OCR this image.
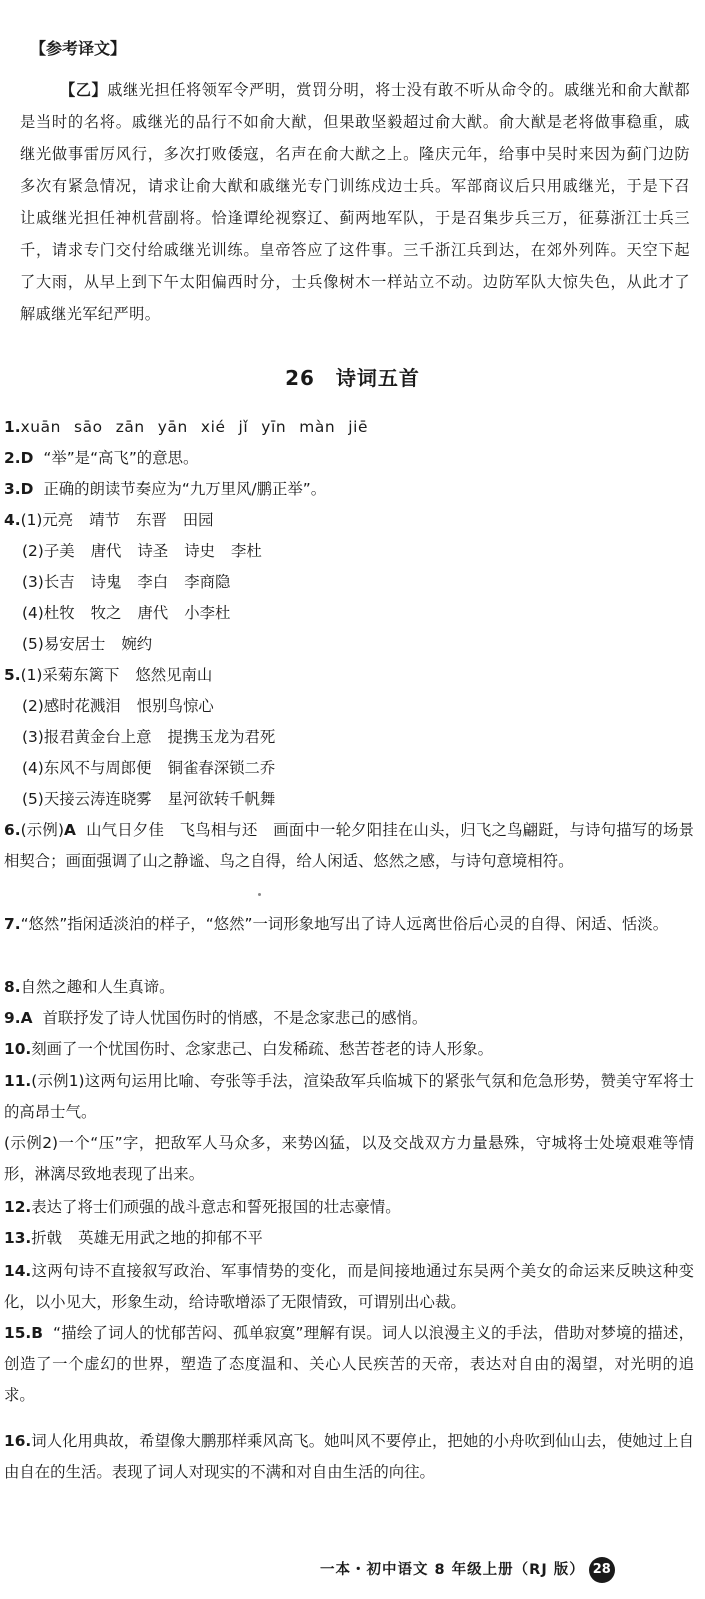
【参考译文】
【乙】戚继光担任将领军令严明，赏罚分明，将士没有敢不听从命令的。戚继光和俞大猷都是当时的名将。戚继光的品行不如俞大猷，但果敢坚毅超过俞大猷。俞大猷是老将做事稳重，戚继光做事雷厉风行，多次打败倭寇，名声在俞大猷之上。隆庆元年，给事中吴时来因为蓟门边防多次有紧急情况，请求让俞大猷和戚继光专门训练戍边士兵。军部商议后只用戚继光，于是下召让戚继光担任神机营副将。恰逢谭纶视察辽、蓟两地军队，于是召集步兵三万，征募浙江士兵三千，请求专门交付给戚继光训练。皇帝答应了这件事。三千浙江兵到达，在郊外列阵。天空下起了大雨，从早上到下午太阳偏西时分，士兵像树木一样站立不动。边防军队大惊失色，从此才了解戚继光军纪严明。
26　诗词五首
1.xuān sāo zān yān xié jǐ yīn màn jiē
2.D “举”是“高飞”的意思。
3.D 正确的朗读节奏应为“九万里风/鹏正举”。
4.(1)元亮 靖节 东晋 田园
(2)子美 唐代 诗圣 诗史 李杜
(3)长吉 诗鬼 李白 李商隐
(4)杜牧 牧之 唐代 小李杜
(5)易安居士 婉约
5.(1)采菊东篱下 悠然见南山
(2)感时花溅泪 恨别鸟惊心
(3)报君黄金台上意 提携玉龙为君死
(4)东风不与周郎便 铜雀春深锁二乔
(5)天接云涛连晓雾 星河欲转千帆舞
6.(示例)A 山气日夕佳　飞鸟相与还　画面中一轮夕阳挂在山头，归飞之鸟翩跹，与诗句描写的场景相契合；画面强调了山之静谧、鸟之自得，给人闲适、悠然之感，与诗句意境相符。
7.“悠然”指闲适淡泊的样子，“悠然”一词形象地写出了诗人远离世俗后心灵的自得、闲适、恬淡。
8.自然之趣和人生真谛。
9.A 首联抒发了诗人忧国伤时的悄感，不是念家悲己的感悄。
10.刻画了一个忧国伤时、念家悲己、白发稀疏、愁苦苍老的诗人形象。
11.(示例1)这两句运用比喻、夸张等手法，渲染敌军兵临城下的紧张气氛和危急形势，赞美守军将士的高昂士气。
(示例2)一个“压”字，把敌军人马众多，来势凶猛，以及交战双方力量悬殊，守城将士处境艰难等情形，淋漓尽致地表现了出来。
12.表达了将士们顽强的战斗意志和誓死报国的壮志豪情。
13.折戟 英雄无用武之地的抑郁不平
14.这两句诗不直接叙写政治、军事情势的变化，而是间接地通过东吴两个美女的命运来反映这种变化，以小见大，形象生动，给诗歌增添了无限情致，可谓别出心裁。
15.B “描绘了词人的忧郁苦闷、孤单寂寞”理解有误。词人以浪漫主义的手法，借助对梦境的描述，创造了一个虚幻的世界，塑造了态度温和、关心人民疾苦的天帝，表达对自由的渴望，对光明的追求。
16.词人化用典故，希望像大鹏那样乘风高飞。她叫风不要停止，把她的小舟吹到仙山去，使她过上自由自在的生活。表现了词人对现实的不满和对自由生活的向往。
一本・初中语文 8 年级上册（RJ 版） 28
